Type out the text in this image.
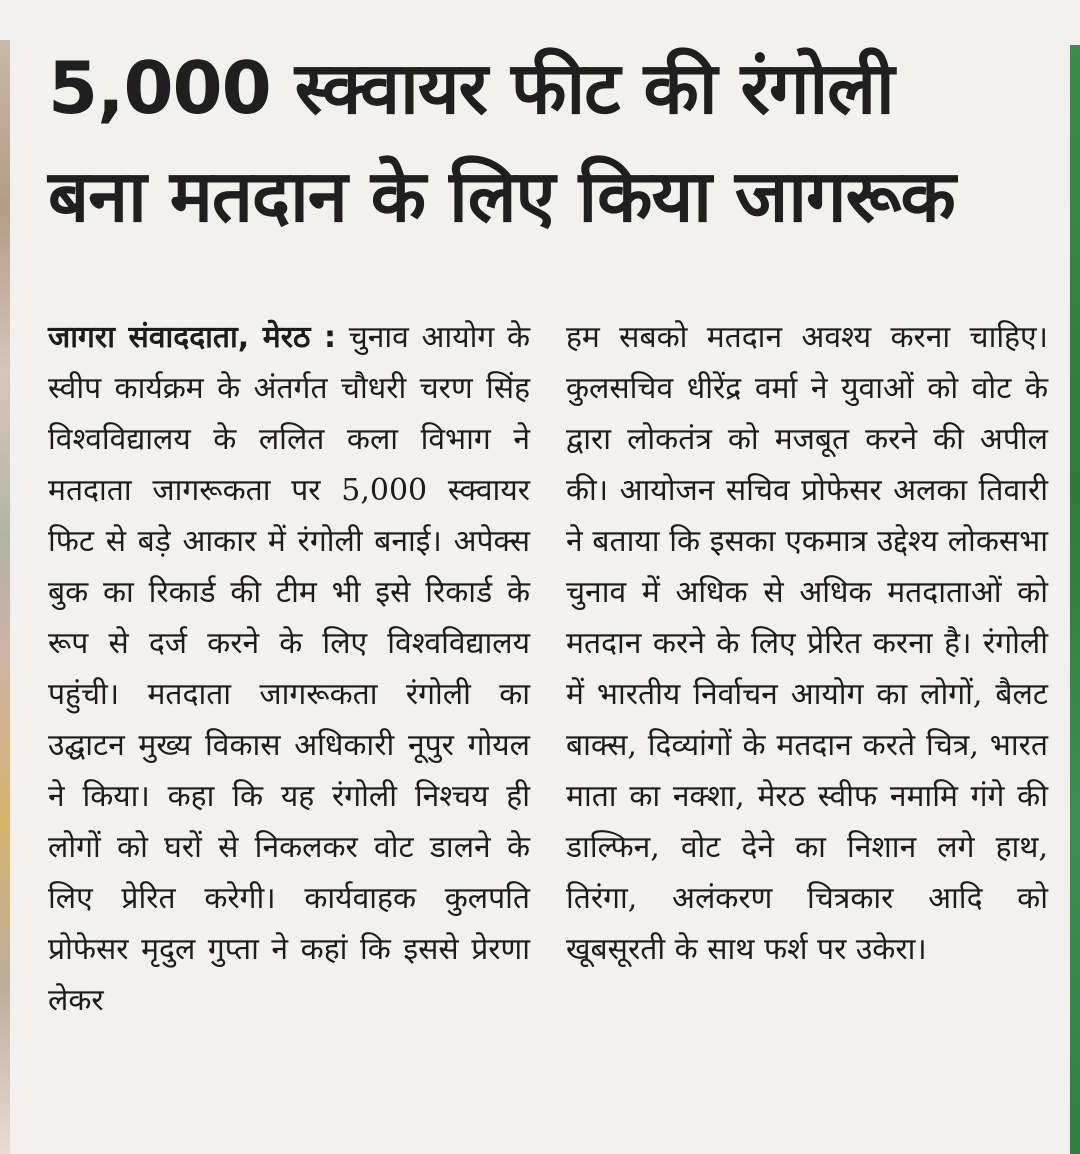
5,000 स्क्वायर फीट की रंगोली
बना मतदान के लिए किया जागरूक

जागरा संवाददाता, मेरठ : चुनाव आयोग के स्वीप कार्यक्रम के अंतर्गत चौधरी चरण सिंह विश्वविद्यालय के ललित कला विभाग ने मतदाता जागरूकता पर 5,000 स्क्वायर फिट से बड़े आकार में रंगोली बनाई। अपेक्स बुक का रिकार्ड की टीम भी इसे रिकार्ड के रूप से दर्ज करने के लिए विश्वविद्यालय पहुंची। मतदाता जागरूकता रंगोली का उद्घाटन मुख्य विकास अधिकारी नूपुर गोयल ने किया। कहा कि यह रंगोली निश्चय ही लोगों को घरों से निकलकर वोट डालने के लिए प्रेरित करेगी। कार्यवाहक कुलपति प्रोफेसर मृदुल गुप्ता ने कहां कि इससे प्रेरणा लेकर

हम सबको मतदान अवश्य करना चाहिए। कुलसचिव धीरेंद्र वर्मा ने युवाओं को वोट के द्वारा लोकतंत्र को मजबूत करने की अपील की। आयोजन सचिव प्रोफेसर अलका तिवारी ने बताया कि इसका एकमात्र उद्देश्य लोकसभा चुनाव में अधिक से अधिक मतदाताओं को मतदान करने के लिए प्रेरित करना है। रंगोली में भारतीय निर्वाचन आयोग का लोगों, बैलट बाक्स, दिव्यांगों के मतदान करते चित्र, भारत माता का नक्शा, मेरठ स्वीफ नमामि गंगे की डाल्फिन, वोट देने का निशान लगे हाथ, तिरंगा, अलंकरण चित्रकार आदि को खूबसूरती के साथ फर्श पर उकेरा।
